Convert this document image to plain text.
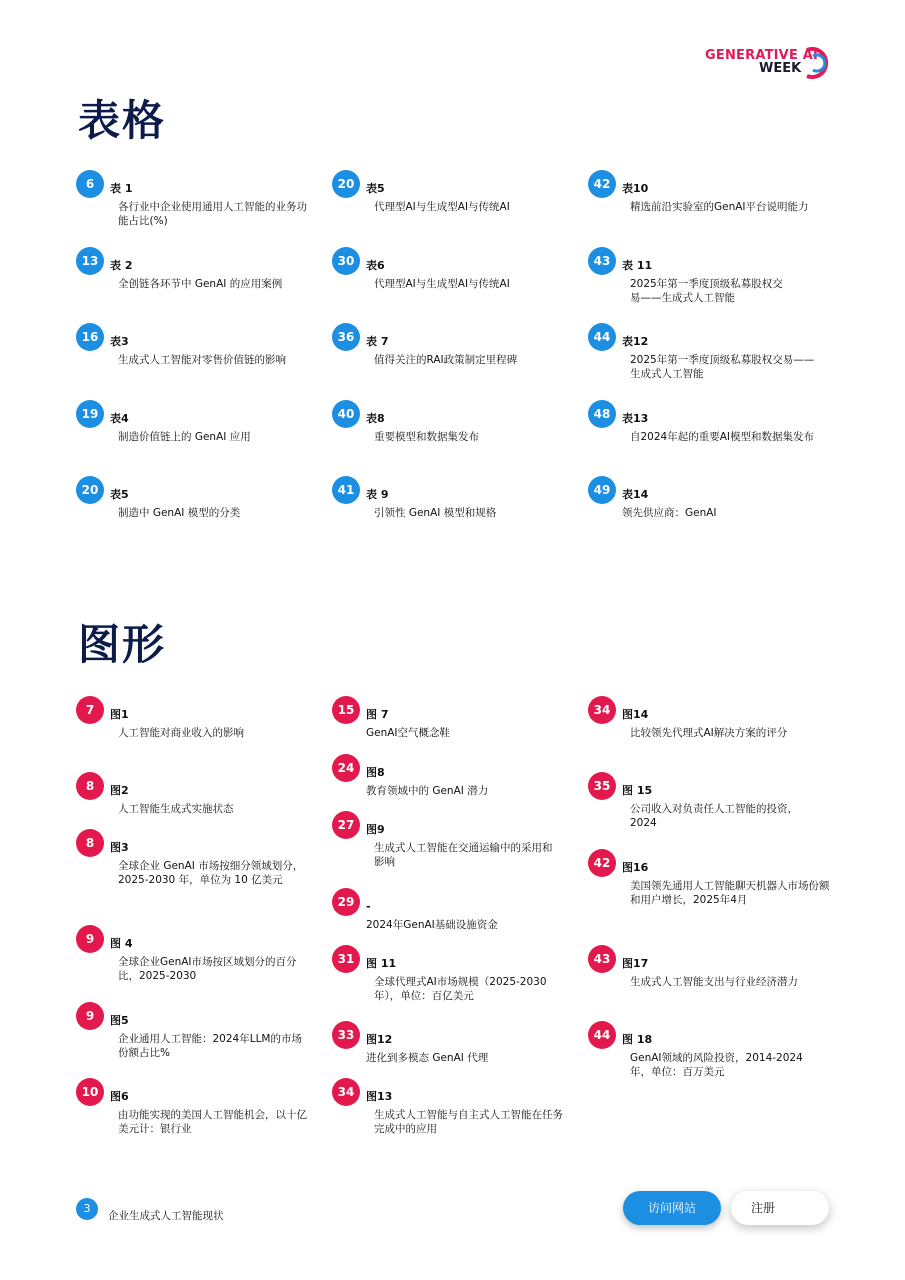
GENERATIVE AI
WEEK
表格
6	表 1
各行业中企业使用通用人工智能的业务功能占比(%)
13	表 2
全创链各环节中 GenAI 的应用案例
16	表3
生成式人工智能对零售价值链的影响
19	表4
制造价值链上的 GenAI 应用
20	表5
制造中 GenAI 模型的分类
20	表5
代理型AI与生成型AI与传统AI
30	表6
代理型AI与生成型AI与传统AI
36	表 7
值得关注的RAI政策制定里程碑
40	表8
重要模型和数据集发布
41	表 9
引领性 GenAI 模型和规格
42	表10
精选前沿实验室的GenAI平台说明能力
43	表 11
2025年第一季度顶级私募股权交易——生成式人工智能
44	表12
2025年第一季度顶级私募股权交易——生成式人工智能
48	表13
自2024年起的重要AI模型和数据集发布
49	表14
领先供应商：GenAI
图形
7	图1
人工智能对商业收入的影响
8	图2
人工智能生成式实施状态
8	图3
全球企业 GenAI 市场按细分领域划分，2025-2030 年，单位为 10 亿美元
9	图 4
全球企业GenAI市场按区域划分的百分比，2025-2030
9	图5
企业通用人工智能：2024年LLM的市场份额占比%
10	图6
由功能实现的美国人工智能机会，以十亿美元计：银行业
15	图 7
GenAI空气概念鞋
24	图8
教育领域中的 GenAI 潜力
27	图9
生成式人工智能在交通运输中的采用和影响
29	-
2024年GenAI基础设施资金
31	图 11
全球代理式AI市场规模（2025-2030年），单位：百亿美元
33	图12
进化到多模态 GenAI 代理
34	图13
生成式人工智能与自主式人工智能在任务完成中的应用
34	图14
比较领先代理式AI解决方案的评分
35	图 15
公司收入对负责任人工智能的投资，2024
42	图16
美国领先通用人工智能聊天机器人市场份额和用户增长，2025年4月
43	图17
生成式人工智能支出与行业经济潜力
44	图 18
GenAI领域的风险投资，2014-2024年，单位：百万美元
3
企业生成式人工智能现状
访问网站	注册
